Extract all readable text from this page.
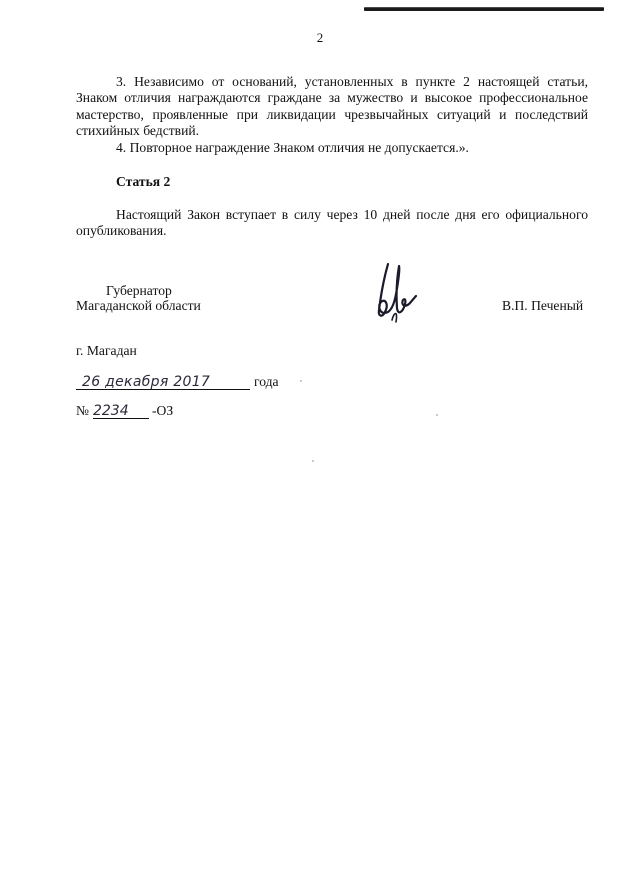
2
3. Независимо от оснований, установленных в пункте 2 настоящей статьи, Знаком отличия награждаются граждане за мужество и высокое профессиональное мастерство, проявленные при ликвидации чрезвычайных ситуаций и последствий стихийных бедствий.
4. Повторное награждение Знаком отличия не допускается.».
Статья 2
Настоящий Закон вступает в силу через 10 дней после дня его официального опубликования.
Губернатор
Магаданской области	В.П. Печеный
г. Магадан
26 декабря 2017	года
№ 2234	-ОЗ
